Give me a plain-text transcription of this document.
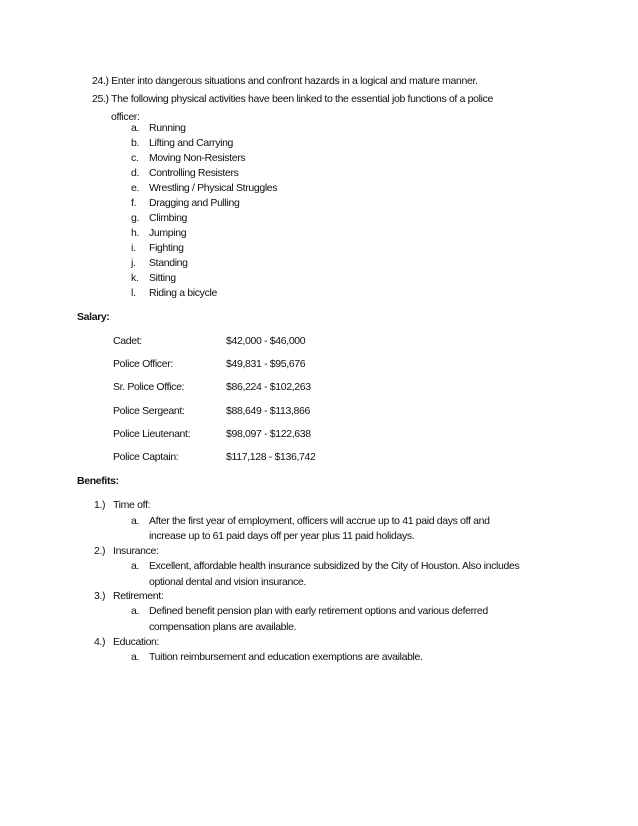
24.) Enter into dangerous situations and confront hazards in a logical and mature manner.
25.) The following physical activities have been linked to the essential job functions of a police
officer:
a. Running
b. Lifting and Carrying
c. Moving Non-Resisters
d. Controlling Resisters
e. Wrestling / Physical Struggles
f. Dragging and Pulling
g. Climbing
h. Jumping
i. Fighting
j. Standing
k. Sitting
l. Riding a bicycle
Salary:
Cadet:	$42,000 - $46,000
Police Officer:	$49,831 - $95,676
Sr. Police Office:	$86,224 - $102,263
Police Sergeant:	$88,649 - $113,866
Police Lieutenant:	$98,097 - $122,638
Police Captain:	$117,128 - $136,742
Benefits:
1.) Time off:
a. After the first year of employment, officers will accrue up to 41 paid days off and
increase up to 61 paid days off per year plus 11 paid holidays.
2.) Insurance:
a. Excellent, affordable health insurance subsidized by the City of Houston. Also includes
optional dental and vision insurance.
3.) Retirement:
a. Defined benefit pension plan with early retirement options and various deferred
compensation plans are available.
4.) Education:
a. Tuition reimbursement and education exemptions are available.
